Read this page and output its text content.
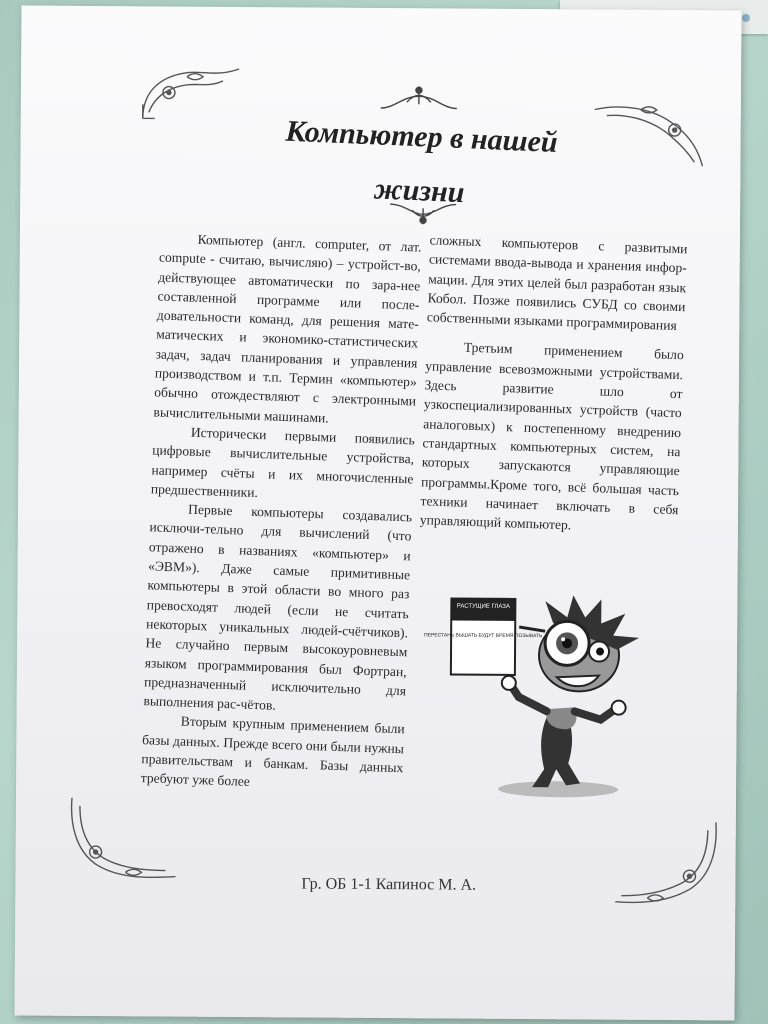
Компьютер в нашей
жизни

Компьютер (англ. computer, от лат. compute - считаю, вычисляю) – устройст-во, действующее автоматически по зара-нее составленной программе или после-довательности команд, для решения мате-матических и экономико-статистических задач, задач планирования и управления производством и т.п. Термин «компьютер» обычно отождествляют с электронными вычислительными машинами.

Исторически первыми появились цифровые вычислительные устройства, например счёты и их многочисленные предшественники.

Первые компьютеры создавались исключи-тельно для вычислений (что отражено в названиях «компьютер» и «ЭВМ»). Даже самые примитивные компьютеры в этой области во много раз превосходят людей (если не считать некоторых уникальных людей-счётчиков). Не случайно первым высокоуровневым языком программирования был Фортран, предназначенный исключительно для выполнения рас-чётов.

Вторым крупным применением были базы данных. Прежде всего они были нужны правительствам и банкам. Базы данных требуют уже более

сложных компьютеров с развитыми системами ввода-вывода и хранения инфор-мации. Для этих целей был разработан язык Кобол. Позже появились СУБД со своими собственными языками программирования

Третьим применением было управление всевозможными устройствами. Здесь развитие шло от узкоспециализированных устройств (часто аналоговых) к постепенному внедрению стандартных компьютерных систем, на которых запускаются управляющие программы.Кроме того, всё большая часть техники начинает включать в себя управляющий компьютер.

РАСТУЩИЕ ГЛАЗА
ПЕРЕСТАНЬ ВЫШАТЬ БУДУТ ВРЕМЯ ПОЗЫВАТЬ
Гр. ОБ 1-1 Капинос М. А.
